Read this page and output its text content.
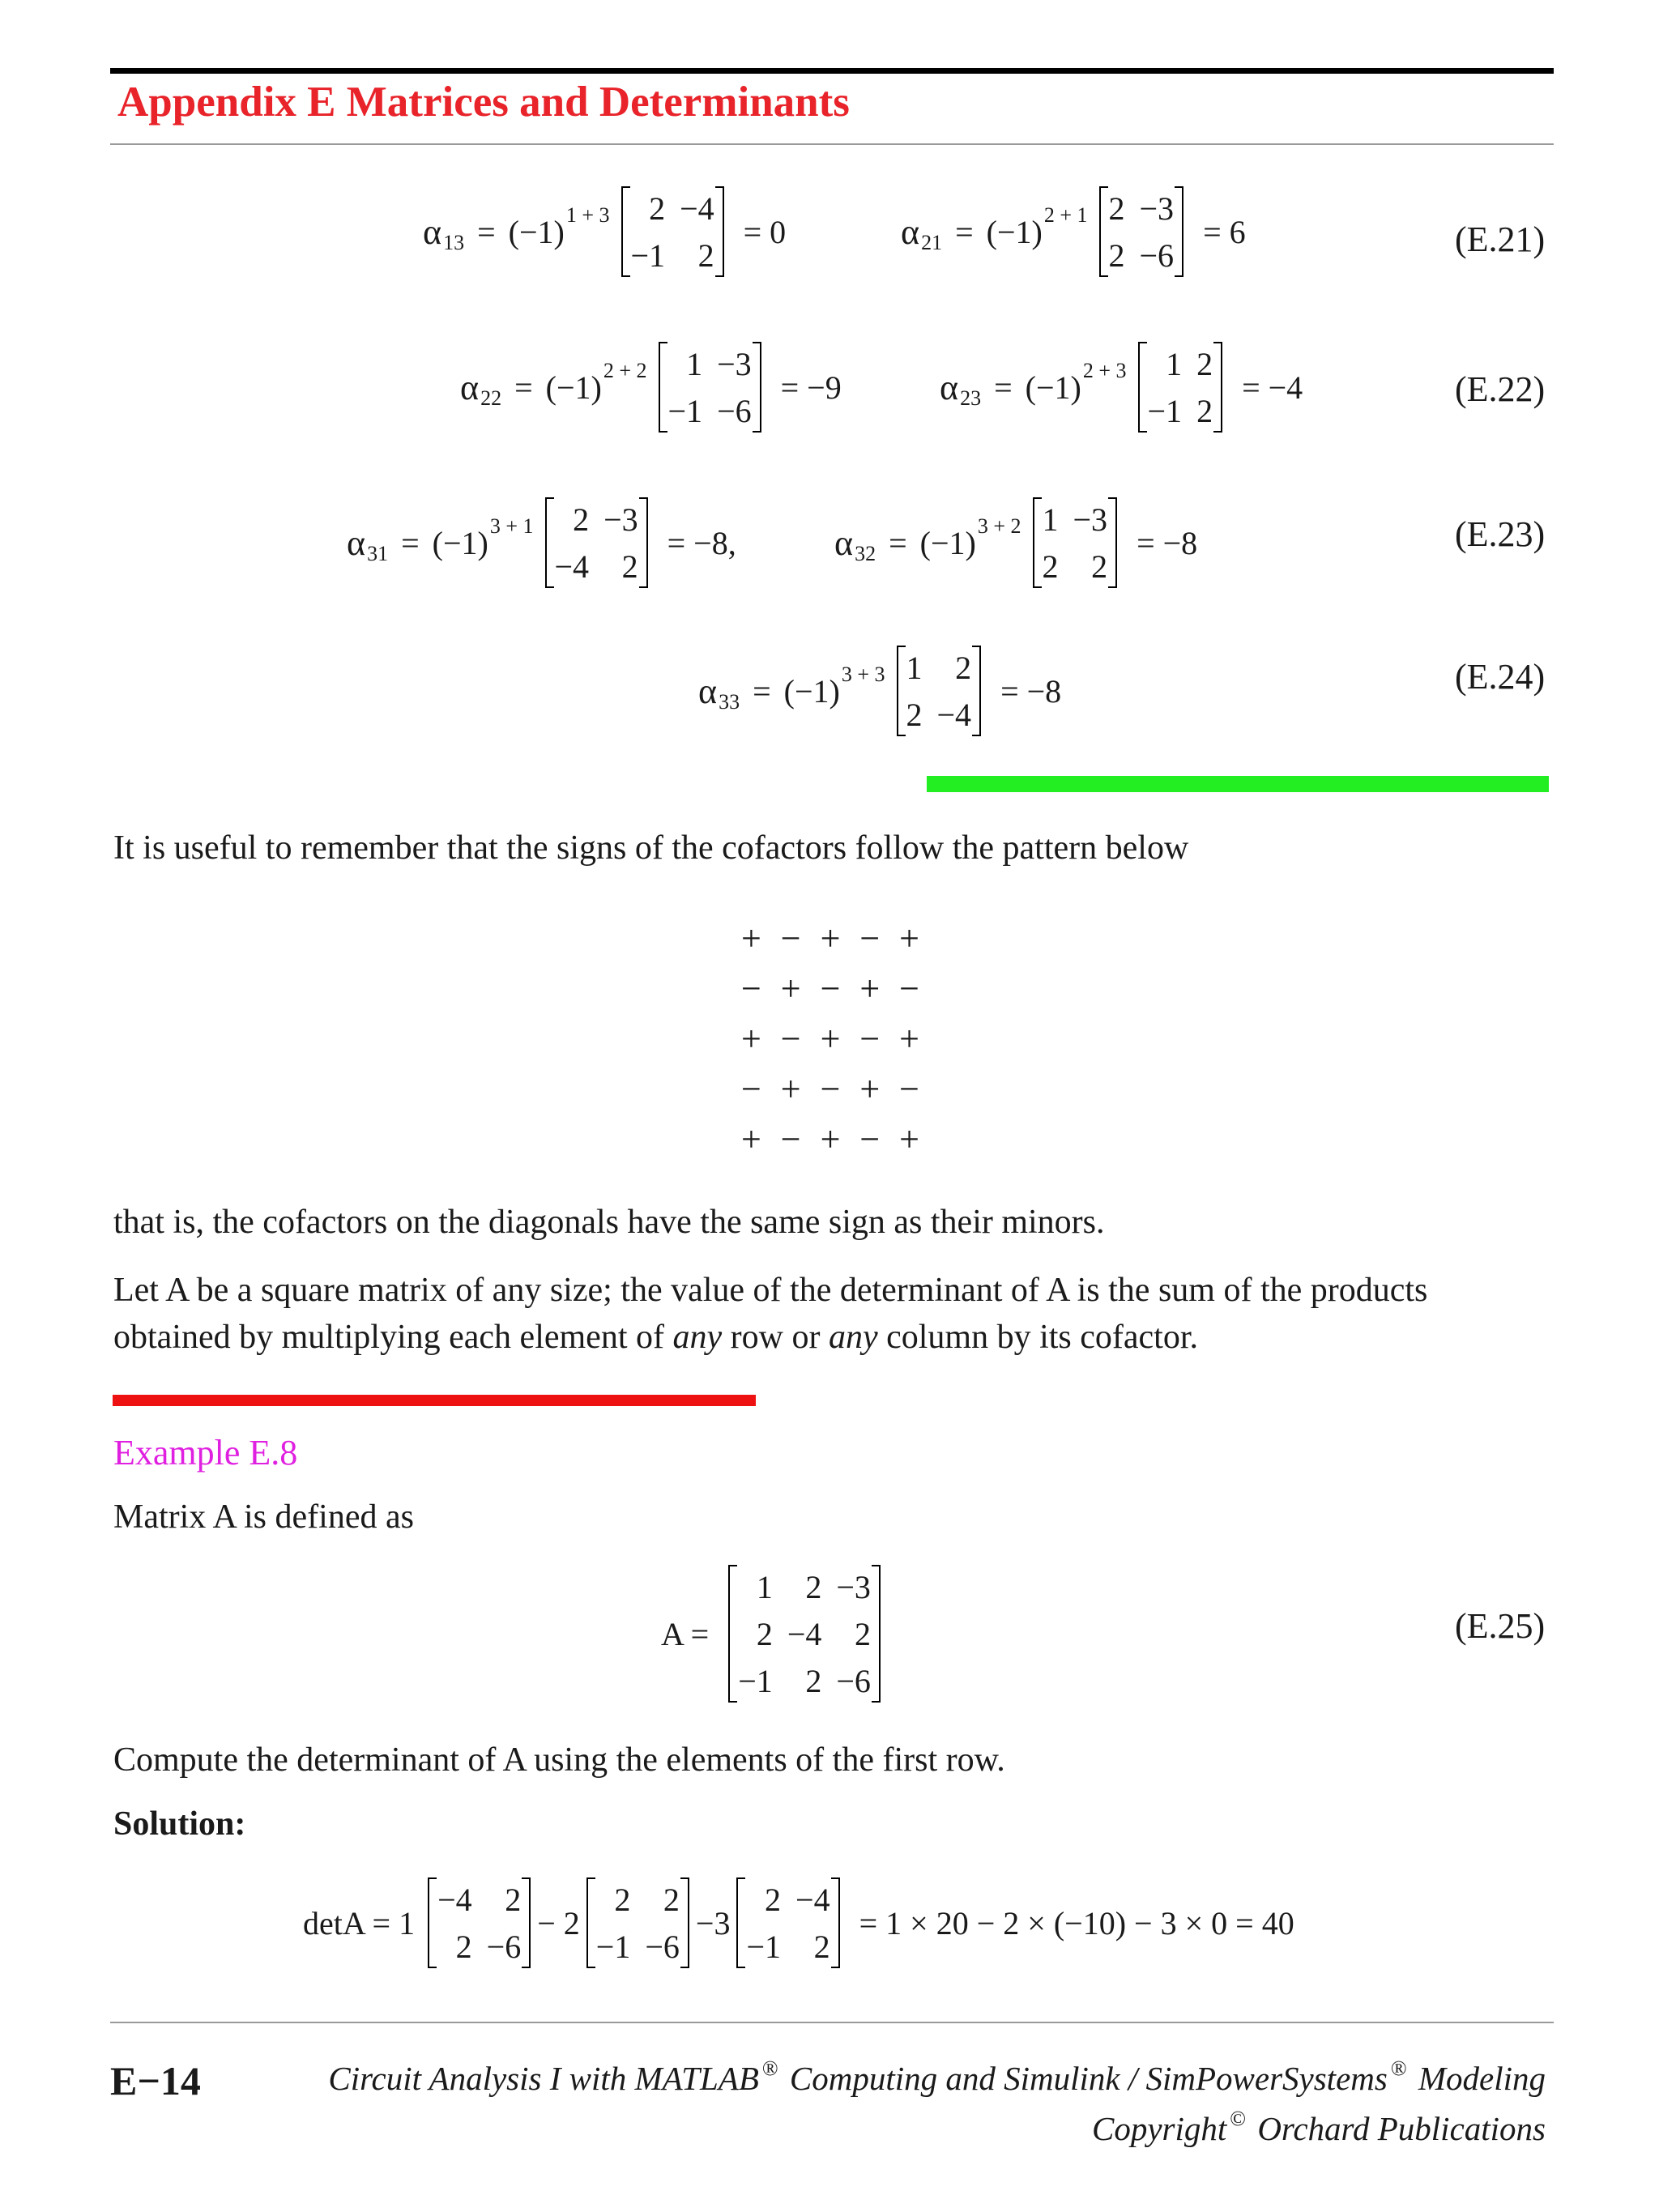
Appendix E Matrices and Determinants
α 13 = (−1) 1 + 3 2 −4
−1 2
= 0	α 21 = (−1) 2 + 1 2 −3
2 −6
= 6	(E.21)
α 22 = (−1) 2 + 2 1 −3
−1 −6
= −9	α 23 = (−1) 2 + 3 1 2
−1 2
= −4	(E.22)
α 31 = (−1) 3 + 1 2 −3
−4 2
= −8,	α 32 = (−1) 3 + 2 1 −3
2 2
= −8	(E.23)
α 33 = (−1) 3 + 3 1 2
2 −4
= −8	(E.24)
It is useful to remember that the signs of the cofactors follow the pattern below
+ − + − +
− + − + −
+ − + − +
− + − + −
+ − + − +
that is, the cofactors on the diagonals have the same sign as their minors.
Let A be a square matrix of any size; the value of the determinant of A is the sum of the products
obtained by multiplying each element of any row or any column by its cofactor.
Example E.8
Matrix A is defined as
A =
1 2 −3
2 −4 2
−1 2 −6
(E.25)
Compute the determinant of A using the elements of the first row.
Solution:
detA = 1
−4 2
2 −6
− 2
2 2
−1 −6
−3
2 −4
−1 2
= 1 × 20 − 2 × (−10) − 3 × 0 = 40
E−14	Circuit Analysis I with MATLAB ® Computing and Simulink / SimPowerSystems ® Modeling
Copyright © Orchard Publications
